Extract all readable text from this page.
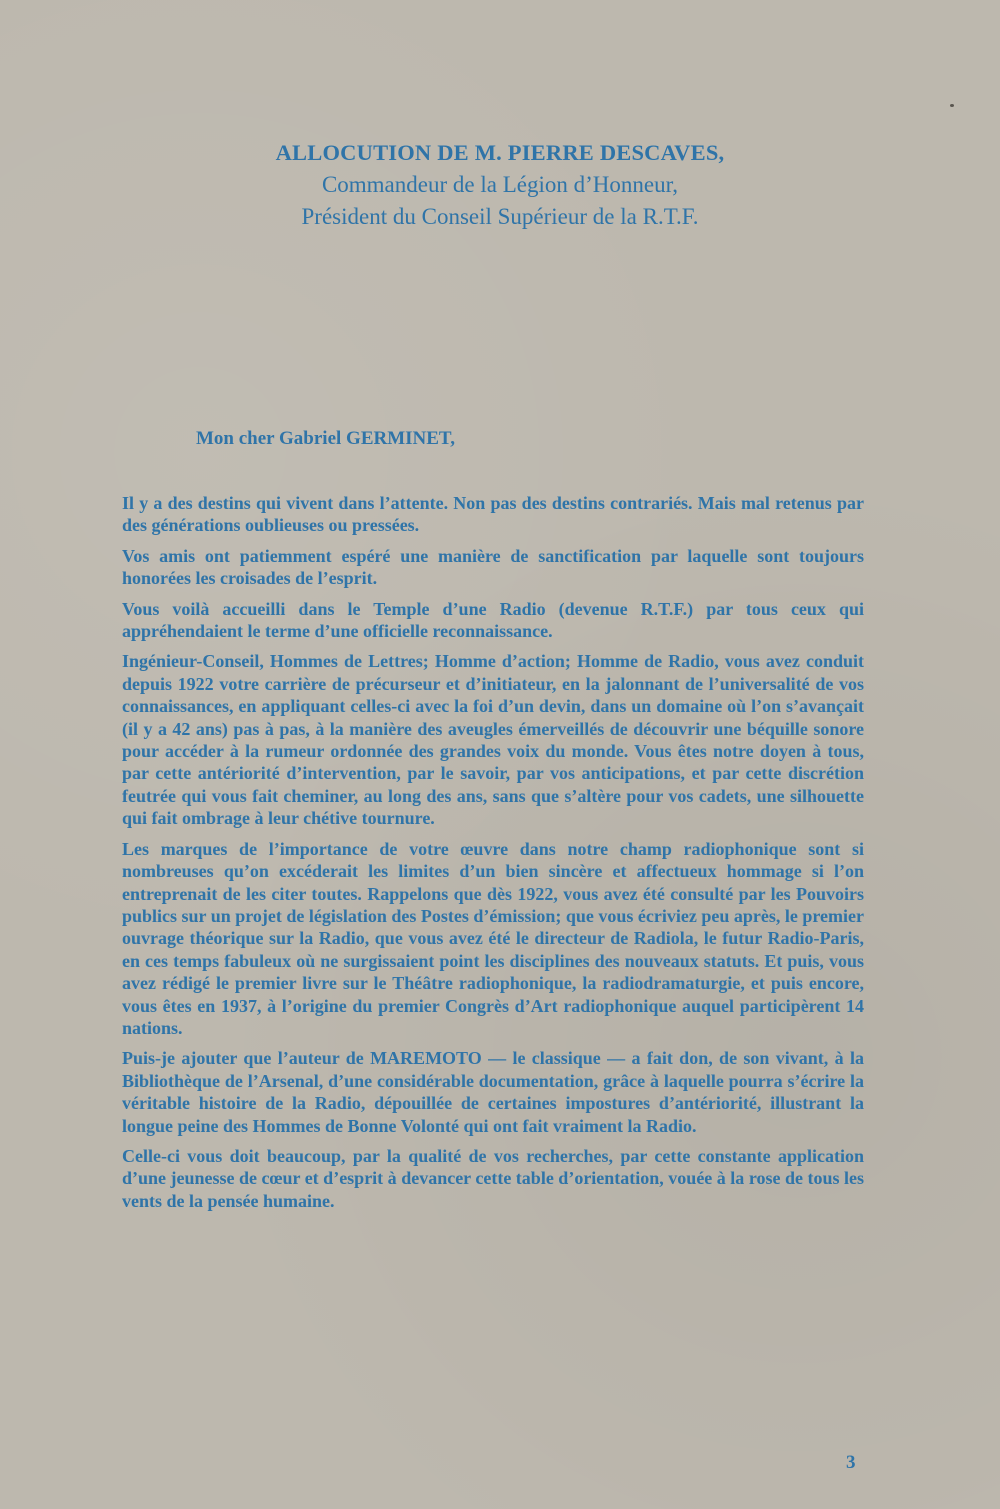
ALLOCUTION DE M. PIERRE DESCAVES,

Commandeur de la Légion d’Honneur,

Président du Conseil Supérieur de la R.T.F.

Mon cher Gabriel GERMINET,

Il y a des destins qui vivent dans l’attente. Non pas des destins contrariés. Mais mal retenus par des générations oublieuses ou pressées.

Vos amis ont patiemment espéré une manière de sanctification par laquelle sont toujours honorées les croisades de l’esprit.

Vous voilà accueilli dans le Temple d’une Radio (devenue R.T.F.) par tous ceux qui appréhendaient le terme d’une officielle reconnaissance.

Ingénieur-Conseil, Hommes de Lettres; Homme d’action; Homme de Radio, vous avez conduit depuis 1922 votre carrière de précurseur et d’initiateur, en la jalonnant de l’universalité de vos connaissances, en appliquant celles-ci avec la foi d’un devin, dans un domaine où l’on s’avançait (il y a 42 ans) pas à pas, à la manière des aveugles émerveillés de découvrir une béquille sonore pour accéder à la rumeur ordonnée des grandes voix du monde. Vous êtes notre doyen à tous, par cette antériorité d’intervention, par le savoir, par vos anticipations, et par cette discrétion feutrée qui vous fait cheminer, au long des ans, sans que s’altère pour vos cadets, une silhouette qui fait ombrage à leur chétive tournure.

Les marques de l’importance de votre œuvre dans notre champ radiophonique sont si nombreuses qu’on excéderait les limites d’un bien sincère et affectueux hommage si l’on entreprenait de les citer toutes. Rappelons que dès 1922, vous avez été consulté par les Pouvoirs publics sur un projet de législation des Postes d’émission; que vous écriviez peu après, le premier ouvrage théorique sur la Radio, que vous avez été le directeur de Radiola, le futur Radio-Paris, en ces temps fabuleux où ne surgissaient point les disciplines des nouveaux statuts. Et puis, vous avez rédigé le premier livre sur le Théâtre radiophonique, la radiodramaturgie, et puis encore, vous êtes en 1937, à l’origine du premier Congrès d’Art radiophonique auquel participèrent 14 nations.

Puis-je ajouter que l’auteur de MAREMOTO — le classique — a fait don, de son vivant, à la Bibliothèque de l’Arsenal, d’une considérable documentation, grâce à laquelle pourra s’écrire la véritable histoire de la Radio, dépouillée de certaines impostures d’antériorité, illustrant la longue peine des Hommes de Bonne Volonté qui ont fait vraiment la Radio.

Celle-ci vous doit beaucoup, par la qualité de vos recherches, par cette constante application d’une jeunesse de cœur et d’esprit à devancer cette table d’orientation, vouée à la rose de tous les vents de la pensée humaine.

3
